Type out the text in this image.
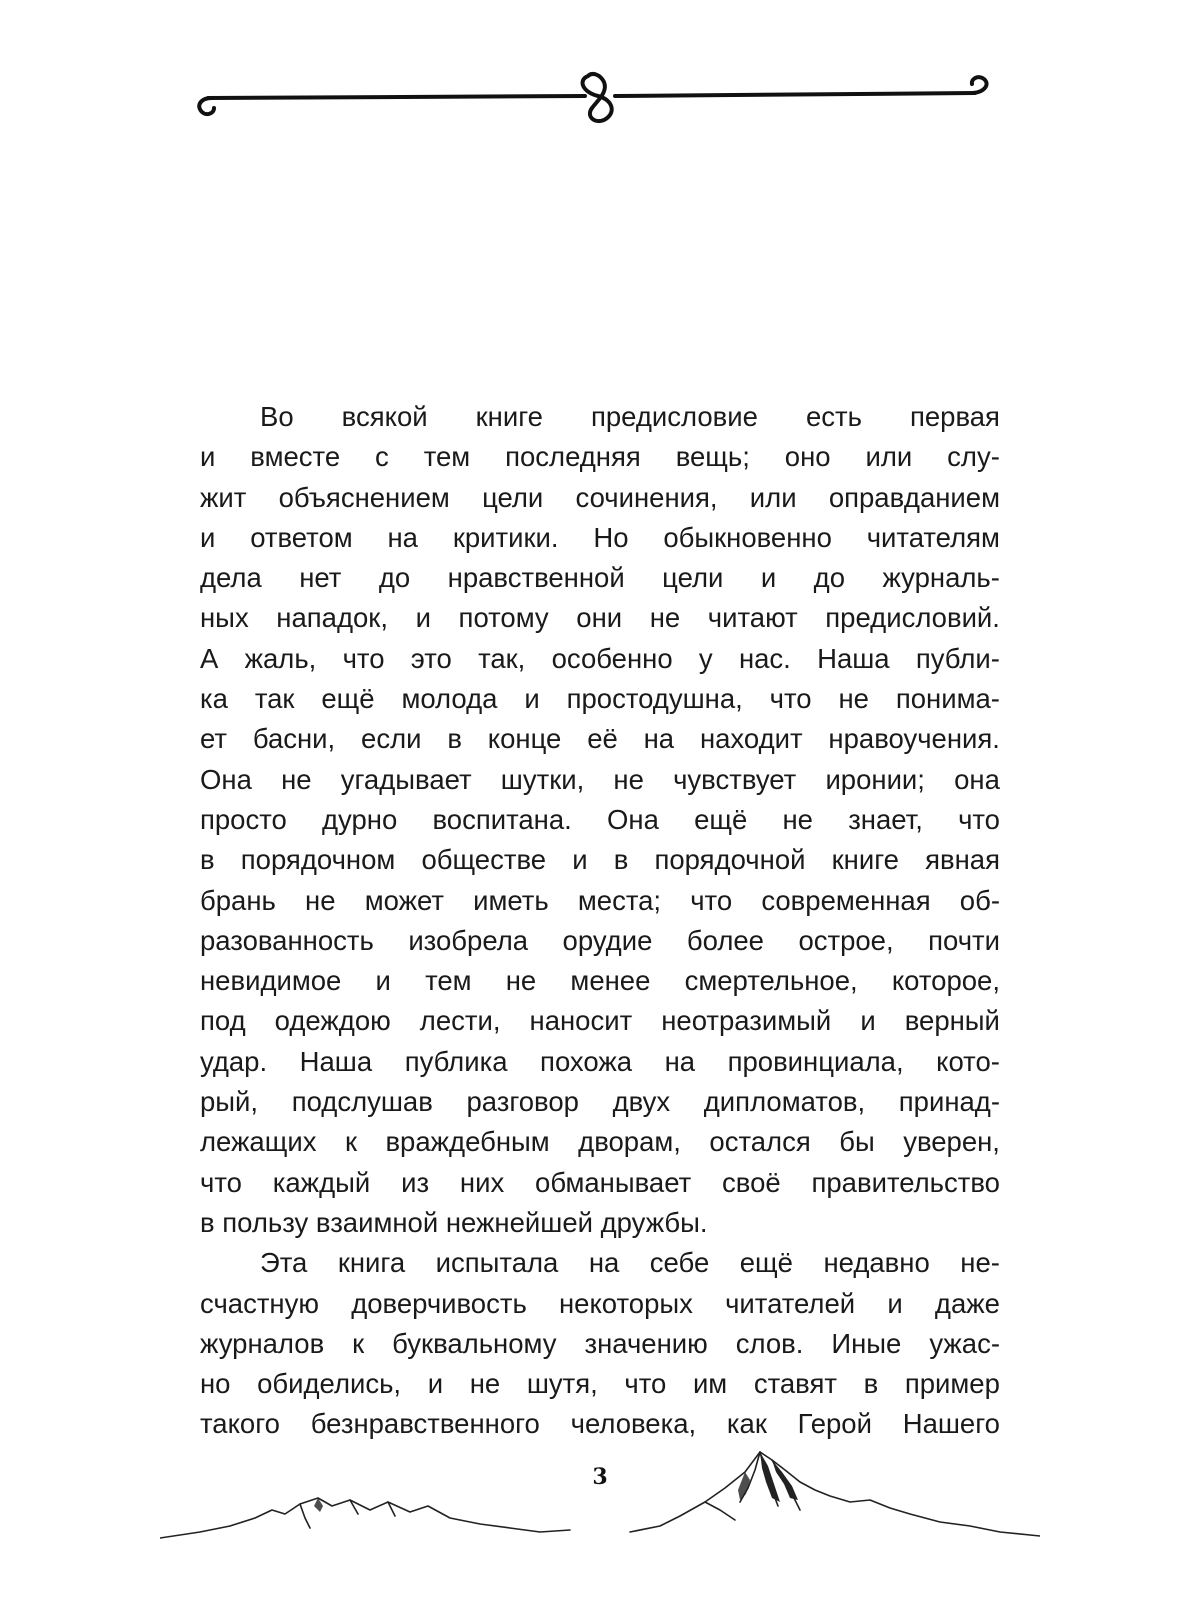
Во всякой книге предисловие есть первая
и вместе с тем последняя вещь; оно или слу-
жит объяснением цели сочинения, или оправданием
и ответом на критики. Но обыкновенно читателям
дела нет до нравственной цели и до журналь-
ных нападок, и потому они не читают предисловий.
А жаль, что это так, особенно у нас. Наша публи-
ка так ещё молода и простодушна, что не понима-
ет басни, если в конце её на находит нравоучения.
Она не угадывает шутки, не чувствует иронии; она
просто дурно воспитана. Она ещё не знает, что
в порядочном обществе и в порядочной книге явная
брань не может иметь места; что современная об-
разованность изобрела орудие более острое, почти
невидимое и тем не менее смертельное, которое,
под одеждою лести, наносит неотразимый и верный
удар. Наша публика похожа на провинциала, кото-
рый, подслушав разговор двух дипломатов, принад-
лежащих к враждебным дворам, остался бы уверен,
что каждый из них обманывает своё правительство
в пользу взаимной нежнейшей дружбы.
Эта книга испытала на себе ещё недавно не-
счастную доверчивость некоторых читателей и даже
журналов к буквальному значению слов. Иные ужас-
но обиделись, и не шутя, что им ставят в пример
такого безнравственного человека, как Герой Нашего
3
